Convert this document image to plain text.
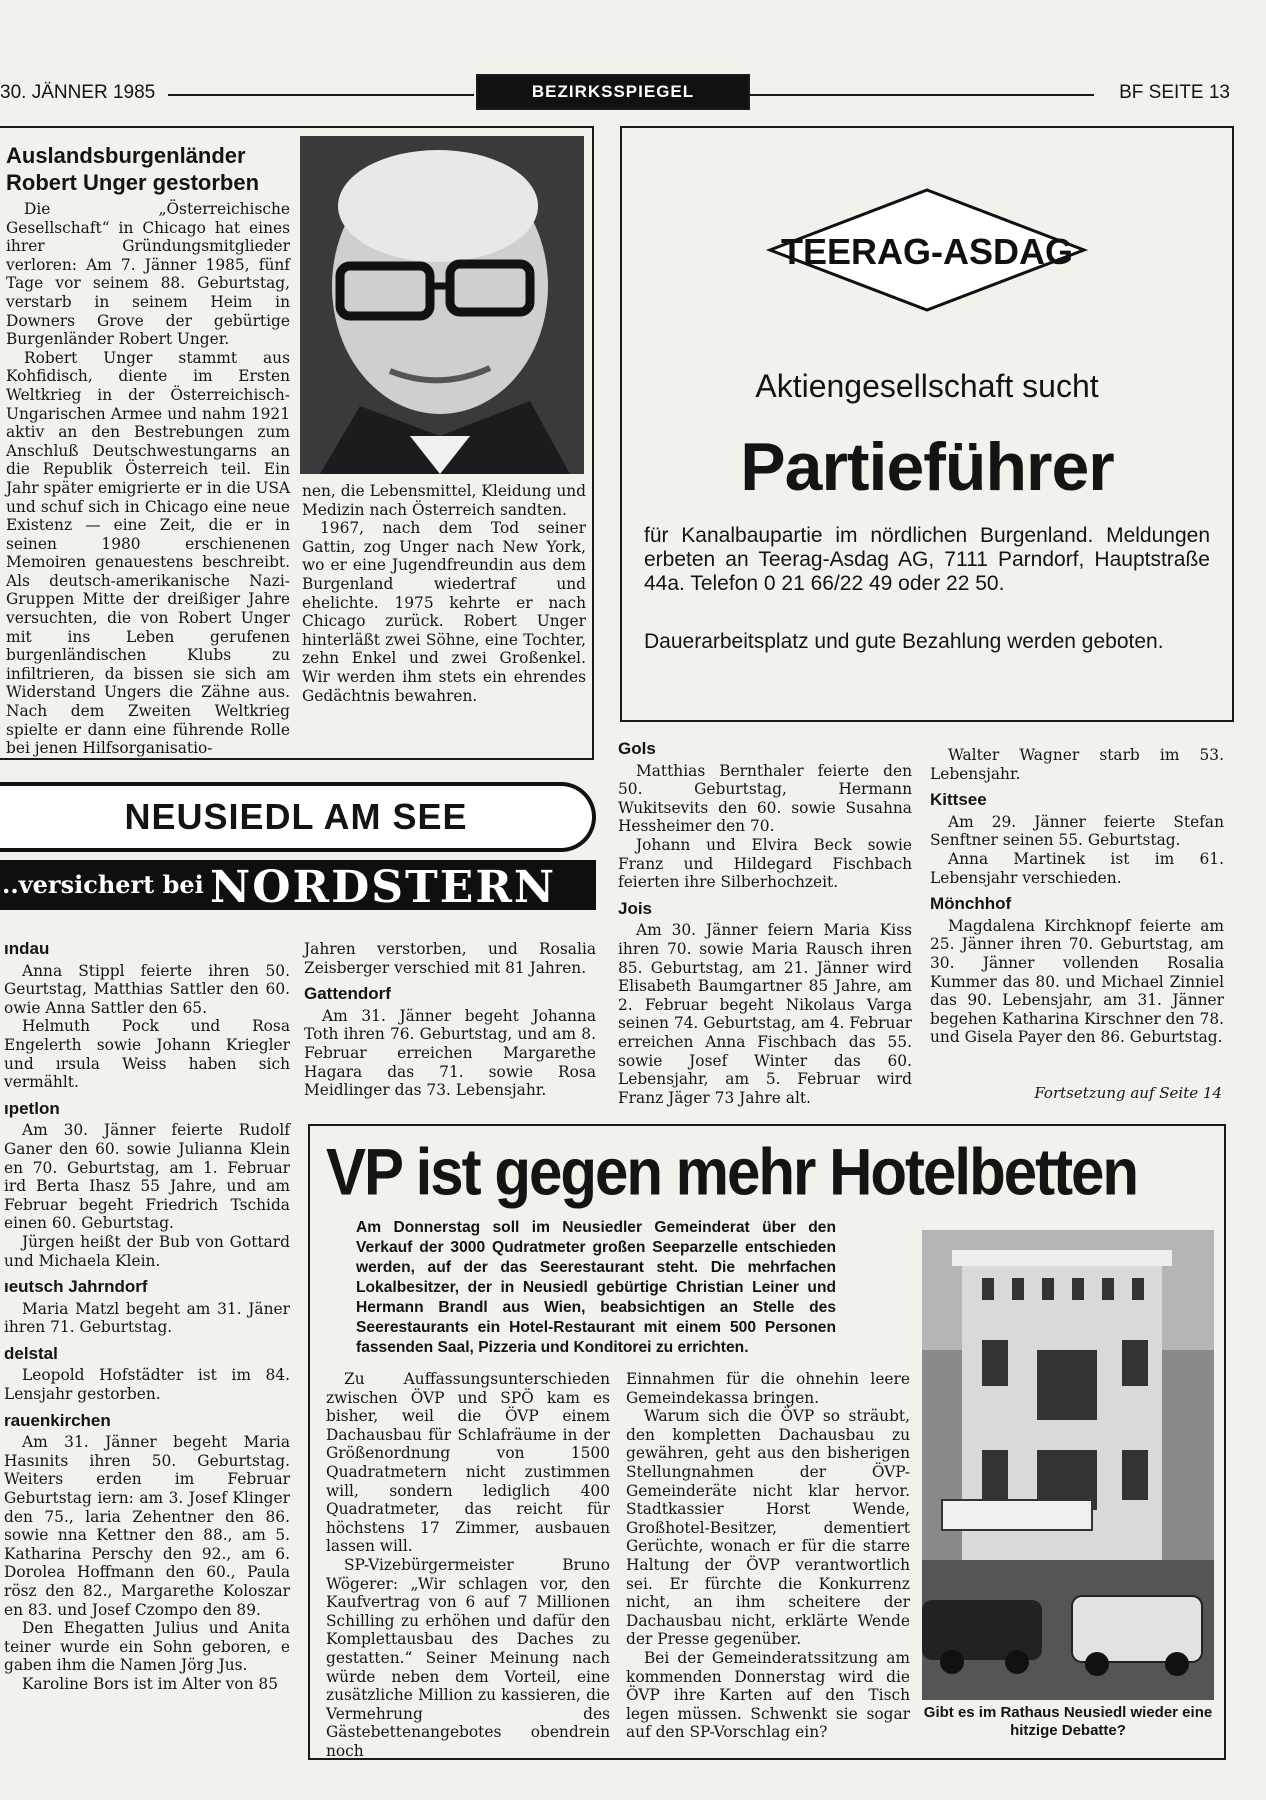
30. JÄNNER 1985	BEZIRKSSPIEGEL	BF SEITE 13
Auslandsburgenländer
Robert Unger gestorben

Die „Österreichische Gesellschaft“ in Chicago hat eines ihrer Gründungsmitglieder verloren: Am 7. Jänner 1985, fünf Tage vor seinem 88. Geburtstag, verstarb in seinem Heim in Downers Grove der gebürtige Burgenländer Robert Unger.

Robert Unger stammt aus Kohfidisch, diente im Ersten Weltkrieg in der Österreichisch-Ungarischen Armee und nahm 1921 aktiv an den Bestrebungen zum Anschluß Deutschwestungarns an die Republik Österreich teil. Ein Jahr später emigrierte er in die USA und schuf sich in Chicago eine neue Existenz — eine Zeit, die er in seinen 1980 erschienenen Memoiren genauestens beschreibt. Als deutsch-amerikanische Nazi-Gruppen Mitte der dreißiger Jahre versuchten, die von Robert Unger mit ins Leben gerufenen burgenländischen Klubs zu infiltrieren, da bissen sie sich am Widerstand Ungers die Zähne aus. Nach dem Zweiten Weltkrieg spielte er dann eine führende Rolle bei jenen Hilfsorganisatio-

nen, die Lebensmittel, Kleidung und Medizin nach Österreich sandten.

1967, nach dem Tod seiner Gattin, zog Unger nach New York, wo er eine Jugendfreundin aus dem Burgenland wiedertraf und ehelichte. 1975 kehrte er nach Chicago zurück. Robert Unger hinterläßt zwei Söhne, eine Tochter, zehn Enkel und zwei Großenkel. Wir werden ihm stets ein ehrendes Gedächtnis bewahren.

TEERAG-ASDAG
Aktiengesellschaft sucht
Partieführer
für Kanalbaupartie im nördlichen Burgenland. Meldungen erbeten an Teerag-Asdag AG, 7111 Parndorf, Hauptstraße 44a. Telefon 0 21 66/22 49 oder 22 50.
Dauerarbeitsplatz und gute Bezahlung werden geboten.
NEUSIEDL AM SEE
..versichert bei NORDSTERN
ındau

Anna Stippl feierte ihren 50. Geurtstag, Matthias Sattler den 60. owie Anna Sattler den 65.

Helmuth Pock und Rosa Engelerth sowie Johann Kriegler und ırsula Weiss haben sich vermählt.

ıpetlon

Am 30. Jänner feierte Rudolf Ganer den 60. sowie Julianna Klein en 70. Geburtstag, am 1. Februar ird Berta Ihasz 55 Jahre, und am Februar begeht Friedrich Tschida einen 60. Geburtstag.

Jürgen heißt der Bub von Gottard und Michaela Klein.

ıeutsch Jahrndorf

Maria Matzl begeht am 31. Jäner ihren 71. Geburtstag.

delstal

Leopold Hofstädter ist im 84. Lensjahr gestorben.

rauenkirchen

Am 31. Jänner begeht Maria Hasınits ihren 50. Geburtstag. Weiters erden im Februar Geburtstag iern: am 3. Josef Klinger den 75., laria Zehentner den 86. sowie nna Kettner den 88., am 5. Katharina Perschy den 92., am 6. Dorolea Hoffmann den 60., Paula rösz den 82., Margarethe Koloszar en 83. und Josef Czompo den 89.

Den Ehegatten Julius und Anita teiner wurde ein Sohn geboren, e gaben ihm die Namen Jörg Jus.

Karoline Bors ist im Alter von 85

Jahren verstorben, und Rosalia Zeisberger verschied mit 81 Jahren.

Gattendorf

Am 31. Jänner begeht Johanna Toth ihren 76. Geburtstag, und am 8. Februar erreichen Margarethe Hagara das 71. sowie Rosa Meidlinger das 73. Lebensjahr.

Gols

Matthias Bernthaler feierte den 50. Geburtstag, Hermann Wukitsevits den 60. sowie Susahna Hessheimer den 70.

Johann und Elvira Beck sowie Franz und Hildegard Fischbach feierten ihre Silberhochzeit.

Jois

Am 30. Jänner feiern Maria Kiss ihren 70. sowie Maria Rausch ihren 85. Geburtstag, am 21. Jänner wird Elisabeth Baumgartner 85 Jahre, am 2. Februar begeht Nikolaus Varga seinen 74. Geburtstag, am 4. Februar erreichen Anna Fischbach das 55. sowie Josef Winter das 60. Lebensjahr, am 5. Februar wird Franz Jäger 73 Jahre alt.

Walter Wagner starb im 53. Lebensjahr.

Kittsee

Am 29. Jänner feierte Stefan Senftner seinen 55. Geburtstag.

Anna Martinek ist im 61. Lebensjahr verschieden.

Mönchhof

Magdalena Kirchknopf feierte am 25. Jänner ihren 70. Geburtstag, am 30. Jänner vollenden Rosalia Kummer das 80. und Michael Zinniel das 90. Lebensjahr, am 31. Jänner begehen Katharina Kirschner den 78. und Gisela Payer den 86. Geburtstag.

Fortsetzung auf Seite 14
VP ist gegen mehr Hotelbetten
Am Donnerstag soll im Neusiedler Gemeinderat über den Verkauf der 3000 Qudratmeter großen Seeparzelle entschieden werden, auf der das Seerestaurant steht. Die mehrfachen Lokalbesitzer, der in Neusiedl gebürtige Christian Leiner und Hermann Brandl aus Wien, beabsichtigen an Stelle des Seerestaurants ein Hotel-Restaurant mit einem 500 Personen fassenden Saal, Pizzeria und Konditorei zu errichten.

Zu Auffassungsunterschieden zwischen ÖVP und SPÖ kam es bisher, weil die ÖVP einem Dachausbau für Schlafräume in der Größenordnung von 1500 Quadratmetern nicht zustimmen will, sondern lediglich 400 Quadratmeter, das reicht für höchstens 17 Zimmer, ausbauen lassen will.

SP-Vizebürgermeister Bruno Wögerer: „Wir schlagen vor, den Kaufvertrag von 6 auf 7 Millionen Schilling zu erhöhen und dafür den Komplettausbau des Daches zu gestatten.“ Seiner Meinung nach würde neben dem Vorteil, eine zusätzliche Million zu kassieren, die Vermehrung des Gästebettenangebotes obendrein noch

Einnahmen für die ohnehin leere Gemeindekassa bringen.

Warum sich die ÖVP so sträubt, den kompletten Dachausbau zu gewähren, geht aus den bisherigen Stellungnahmen der ÖVP-Gemeinderäte nicht klar hervor. Stadtkassier Horst Wende, Großhotel-Besitzer, dementiert Gerüchte, wonach er für die starre Haltung der ÖVP verantwortlich sei. Er fürchte die Konkurrenz nicht, an ihm scheitere der Dachausbau nicht, erklärte Wende der Presse gegenüber.

Bei der Gemeinderatssitzung am kommenden Donnerstag wird die ÖVP ihre Karten auf den Tisch legen müssen. Schwenkt sie sogar auf den SP-Vorschlag ein?

Gibt es im Rathaus Neusiedl wieder eine hitzige Debatte?
